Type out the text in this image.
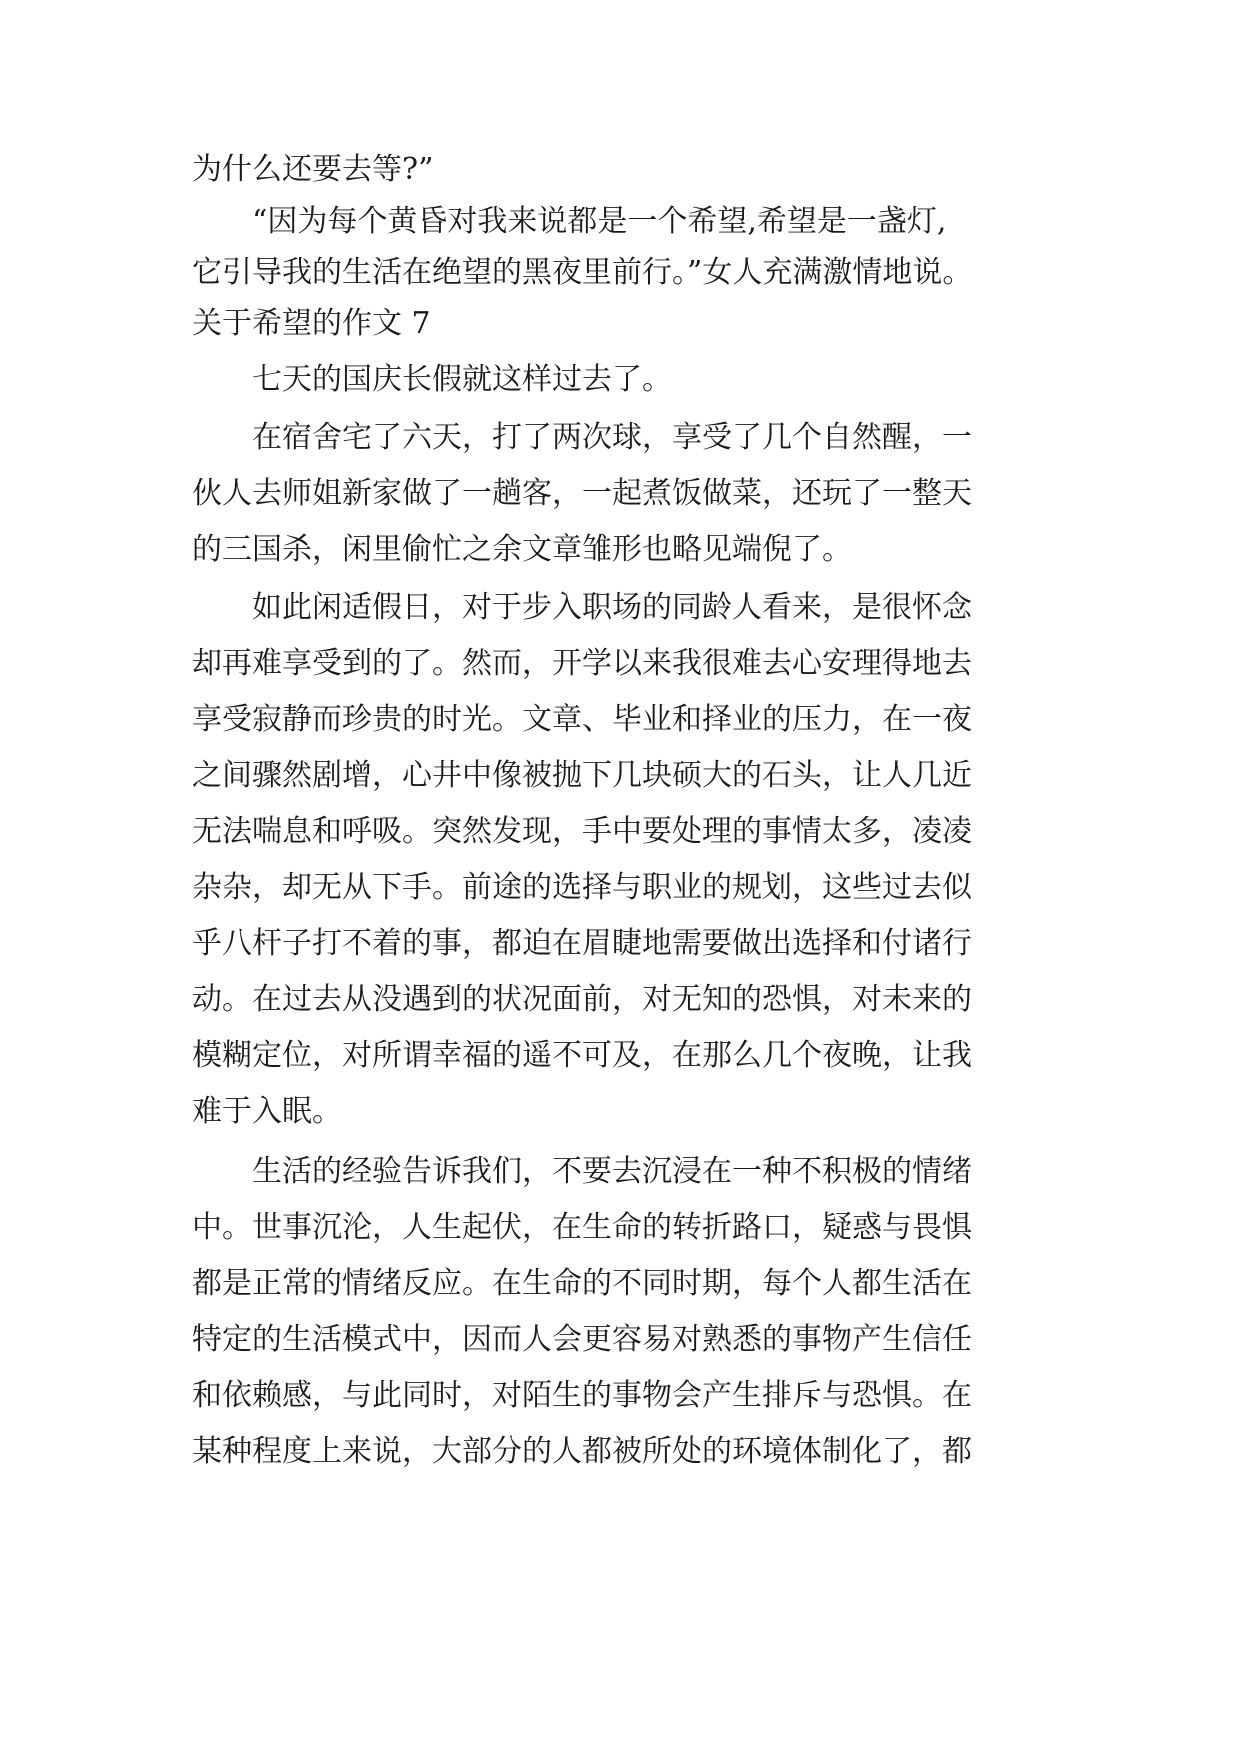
为什么还要去等?”
“因为每个黄昏对我来说都是一个希望,希望是一盏灯,
它引导我的生活在绝望的黑夜里前行。”女人充满激情地说。
关于希望的作文 7
七天的国庆长假就这样过去了。
在宿舍宅了六天，打了两次球，享受了几个自然醒，一
伙人去师姐新家做了一趟客，一起煮饭做菜，还玩了一整天
的三国杀，闲里偷忙之余文章雏形也略见端倪了。
如此闲适假日，对于步入职场的同龄人看来，是很怀念
却再难享受到的了。然而，开学以来我很难去心安理得地去
享受寂静而珍贵的时光。文章、毕业和择业的压力，在一夜
之间骤然剧增，心井中像被抛下几块硕大的石头，让人几近
无法喘息和呼吸。突然发现，手中要处理的事情太多，凌凌
杂杂，却无从下手。前途的选择与职业的规划，这些过去似
乎八杆子打不着的事，都迫在眉睫地需要做出选择和付诸行
动。在过去从没遇到的状况面前，对无知的恐惧，对未来的
模糊定位，对所谓幸福的遥不可及，在那么几个夜晚，让我
难于入眠。
生活的经验告诉我们，不要去沉浸在一种不积极的情绪
中。世事沉沦，人生起伏，在生命的转折路口，疑惑与畏惧
都是正常的情绪反应。在生命的不同时期，每个人都生活在
特定的生活模式中，因而人会更容易对熟悉的事物产生信任
和依赖感，与此同时，对陌生的事物会产生排斥与恐惧。在
某种程度上来说，大部分的人都被所处的环境体制化了，都
